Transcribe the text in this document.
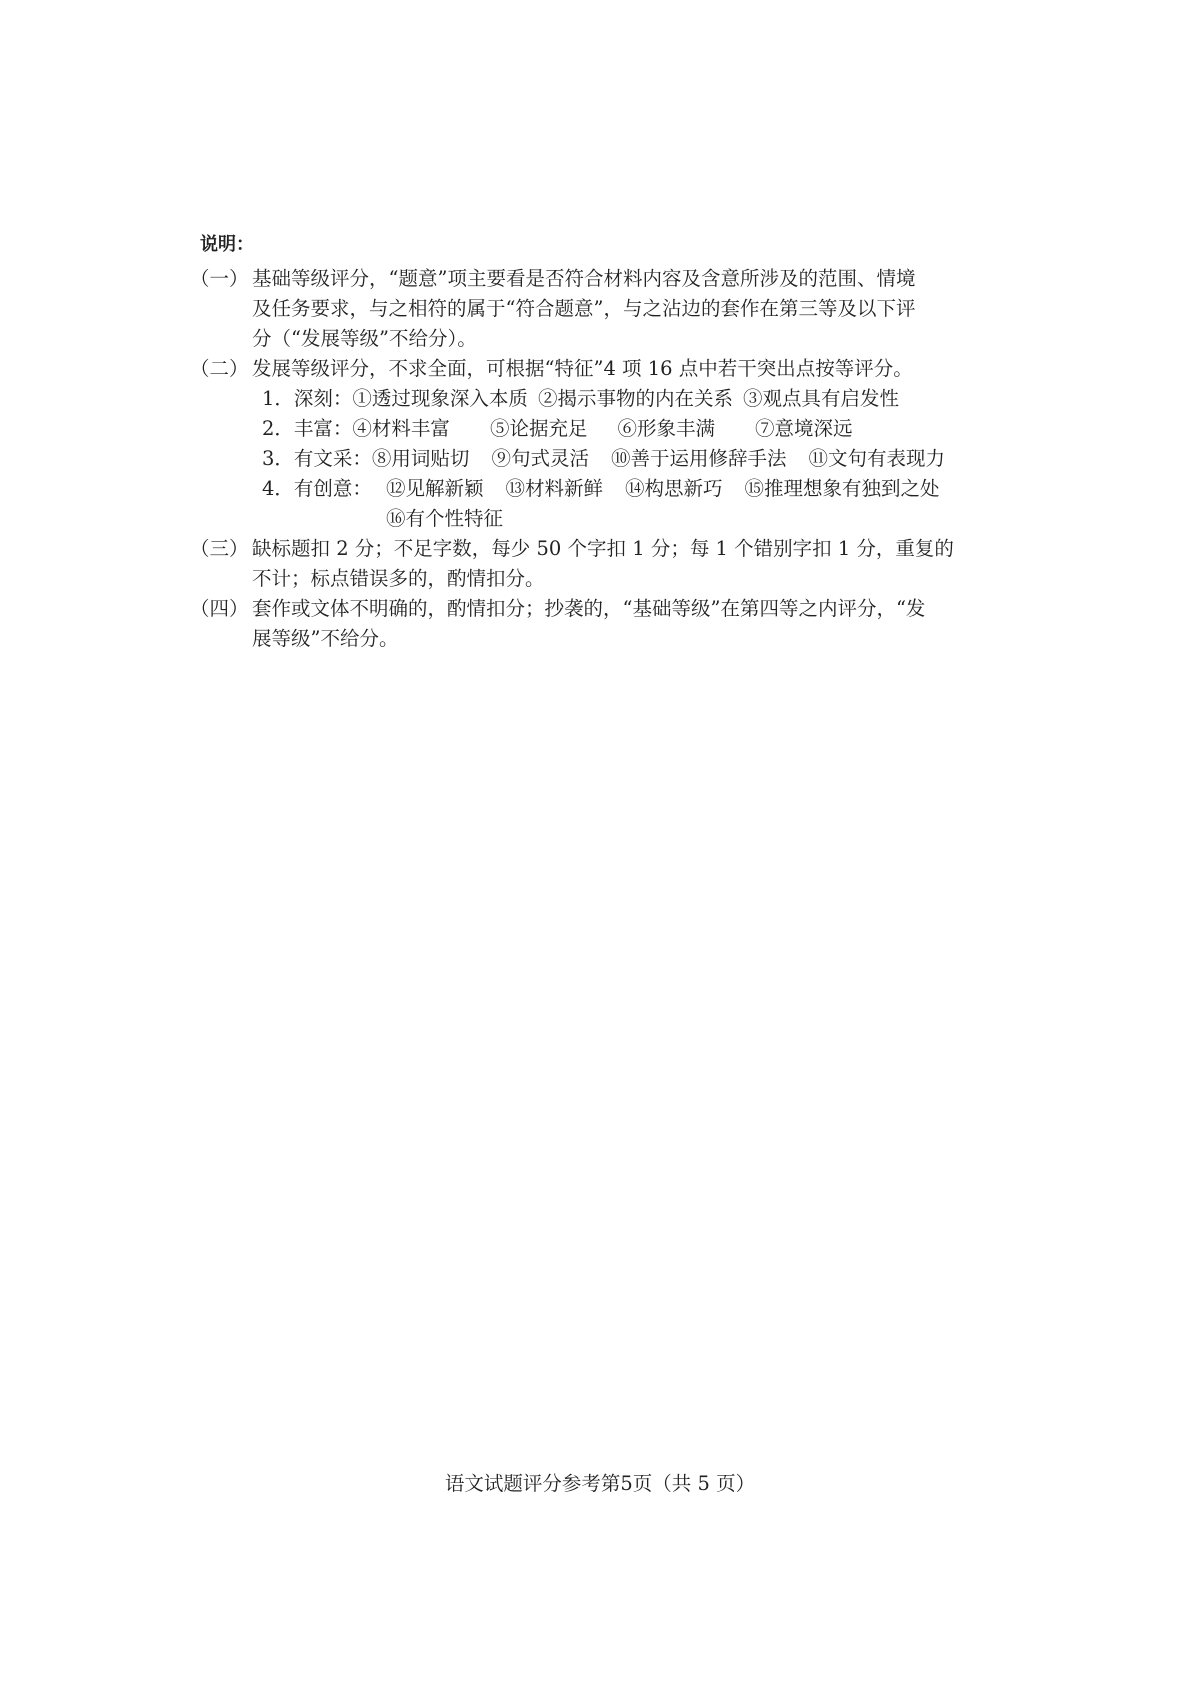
说明：
（一） 基础等级评分，“题意”项主要看是否符合材料内容及含意所涉及的范围、情境
及任务要求，与之相符的属于“符合题意”，与之沾边的套作在第三等及以下评
分（“发展等级”不给分）。
（二） 发展等级评分，不求全面，可根据“特征”4 项 16 点中若干突出点按等评分。
1．深刻： ①透过现象深入本质 ②揭示事物的内在关系 ③观点具有启发性
2．丰富： ④材料丰富 ⑤论据充足 ⑥形象丰满 ⑦意境深远
3．有文采： ⑧用词贴切 ⑨句式灵活 ⑩善于运用修辞手法 ⑪文句有表现力
4．有创意： ⑫见解新颖 ⑬材料新鲜 ⑭构思新巧 ⑮推理想象有独到之处
⑯有个性特征
（三） 缺标题扣 2 分；不足字数，每少 50 个字扣 1 分；每 1 个错别字扣 1 分，重复的
不计；标点错误多的，酌情扣分。
（四） 套作或文体不明确的，酌情扣分；抄袭的，“基础等级”在第四等之内评分，“发
展等级”不给分。
语文试题评分参考第5页（共 5 页）
